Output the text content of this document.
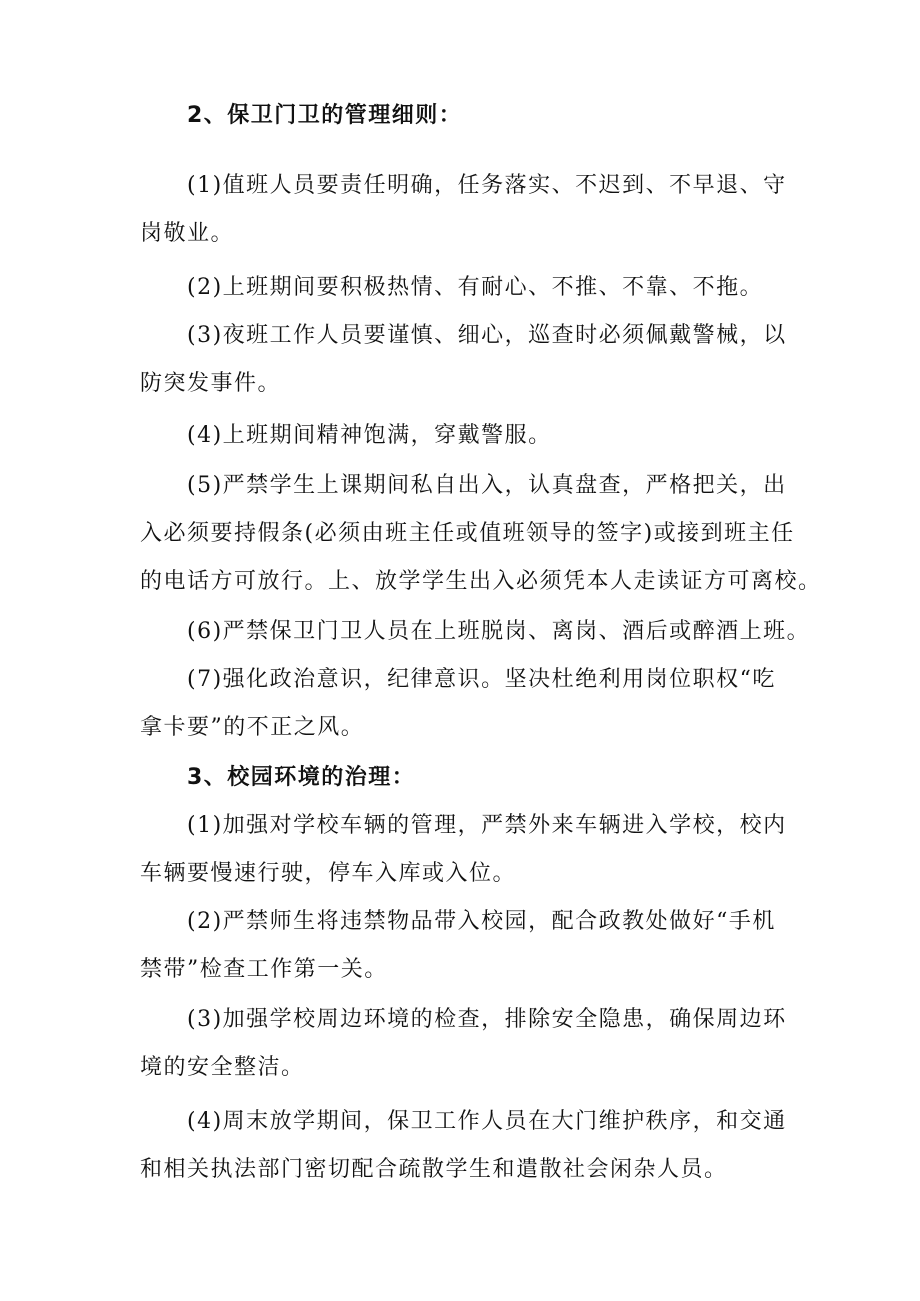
2、保卫门卫的管理细则：

(1)值班人员要责任明确，任务落实、不迟到、不早退、守
岗敬业。

(2)上班期间要积极热情、有耐心、不推、不靠、不拖。

(3)夜班工作人员要谨慎、细心，巡查时必须佩戴警械，以
防突发事件。

(4)上班期间精神饱满，穿戴警服。

(5)严禁学生上课期间私自出入，认真盘查，严格把关，出
入必须要持假条(必须由班主任或值班领导的签字)或接到班主任
的电话方可放行。上、放学学生出入必须凭本人走读证方可离校。

(6)严禁保卫门卫人员在上班脱岗、离岗、酒后或醉酒上班。

(7)强化政治意识，纪律意识。坚决杜绝利用岗位职权“吃
拿卡要”的不正之风。

3、校园环境的治理：

(1)加强对学校车辆的管理，严禁外来车辆进入学校，校内
车辆要慢速行驶，停车入库或入位。

(2)严禁师生将违禁物品带入校园，配合政教处做好“手机
禁带”检查工作第一关。

(3)加强学校周边环境的检查，排除安全隐患，确保周边环
境的安全整洁。

(4)周末放学期间，保卫工作人员在大门维护秩序，和交通
和相关执法部门密切配合疏散学生和遣散社会闲杂人员。
